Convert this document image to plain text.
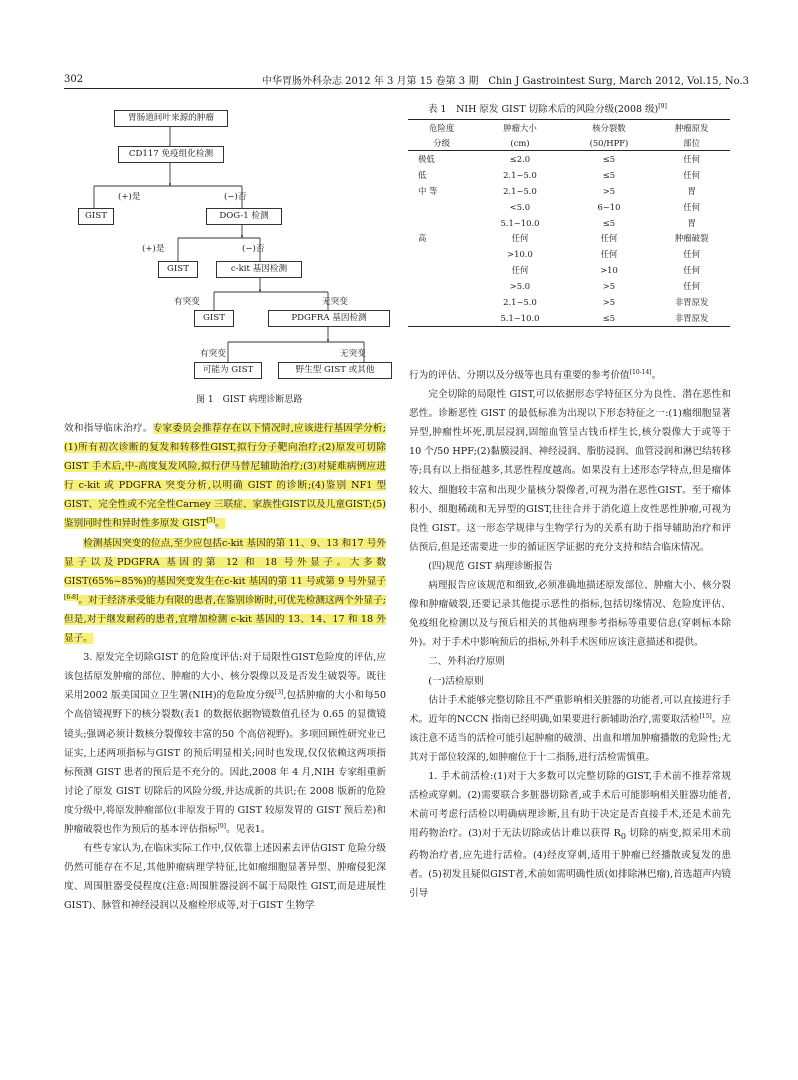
302	中华胃肠外科杂志 2012 年 3 月第 15 卷第 3 期　Chin J Gastrointest Surg, March 2012, Vol.15, No.3
胃肠道间叶来源的肿瘤
CD117 免疫组化检测
(+)是	(−)否
GIST	DOG-1 检测
(+)是	(−)否
GIST	c-kit 基因检测
有突变	无突变
GIST	PDGFRA 基因检测
有突变	无突变
可能为 GIST	野生型 GIST 或其他
图 1　GIST 病理诊断思路
表 1　NIH 原发 GIST 切除术后的风险分级(2008 级)[9]
危险度	肿瘤大小	核分裂数	肿瘤原发
分级	(cm)	(50/HPF)	部位
极低	≤2.0	≤5	任何
低	2.1~5.0	≤5	任何
中 等	2.1~5.0	>5	胃
	<5.0	6~10	任何
	5.1~10.0	≤5	胃
高	任何	任何	肿瘤破裂
	>10.0	任何	任何
	任何	>10	任何
	>5.0	>5	任何
	2.1~5.0	>5	非胃原发
	5.1~10.0	≤5	非胃原发

效和指导临床治疗。专家委员会推荐存在以下情况时,应该进行基因学分析;(1)所有初次诊断的复发和转移性GIST,拟行分子靶向治疗;(2)原发可切除 GIST 手术后,中-高度复发风险,拟行伊马替尼辅助治疗;(3)对疑难病例应进行 c-kit 或 PDGFRA 突变分析,以明确 GIST 的诊断;(4)鉴别 NF1 型 GIST、完全性或不完全性Carney 三联症、家族性GIST以及儿童GIST;(5)鉴别同时性和异时性多原发 GIST[5]。

检测基因突变的位点,至少应包括c-kit 基因的第 11、9、13 和17 号外显子以及PDGFRA 基因的第 12 和 18 号外显子。大多数GIST(65%~85%)的基因突变发生在c-kit 基因的第 11 号或第 9 号外显子[6-8]。对于经济承受能力有限的患者,在鉴别诊断时,可优先检测这两个外显子;但是,对于继发耐药的患者,宜增加检测 c-kit 基因的 13、14、17 和 18 外显子。

3. 原发完全切除GIST 的危险度评估:对于局限性GIST危险度的评估,应该包括原发肿瘤的部位、肿瘤的大小、核分裂像以及是否发生破裂等。既往采用2002 版美国国立卫生署(NIH)的危险度分级[3],包括肿瘤的大小和每50 个高倍镜视野下的核分裂数(表1 的数据依据物镜数值孔径为 0.65 的显微镜镜头;强调必须计数核分裂像较丰富的50 个高倍视野)。多项回顾性研究业已证实,上述两项指标与GIST 的预后明显相关;同时也发现,仅仅依赖这两项指标预测 GIST 患者的预后是不充分的。因此,2008 年 4 月,NIH 专家组重新讨论了原发 GIST 切除后的风险分级,并达成新的共识;在 2008 版新的危险度分级中,将原发肿瘤部位(非原发于胃的 GIST 较原发胃的 GIST 预后差)和肿瘤破裂也作为预后的基本评估指标[9]。见表1。

有些专家认为,在临床实际工作中,仅依靠上述因素去评估GIST 危险分级仍然可能存在不足,其他肿瘤病理学特征,比如瘤细胞显著异型、肿瘤侵犯深度、周围脏器受侵程度(注意:周围脏器浸润不属于局限性 GIST,而是进展性GIST)、脉管和神经浸润以及瘤栓形成等,对于GIST 生物学

行为的评估、分期以及分级等也具有重要的参考价值[10-14]。

完全切除的局限性 GIST,可以依据形态学特征区分为良性、潜在恶性和恶性。诊断恶性 GIST 的最低标准为出现以下形态特征之一:(1)瘤细胞显著异型,肿瘤性坏死,肌层浸润,固缩血管呈古钱币样生长,核分裂像大于或等于 10 个/50 HPF;(2)黏膜浸润、神经浸润、脂肪浸润、血管浸润和淋巴结转移等;具有以上指征越多,其恶性程度越高。如果没有上述形态学特点,但是瘤体较大、细胞较丰富和出现少量核分裂像者,可视为潜在恶性GIST。至于瘤体积小、细胞稀疏和无异型的GIST,往往合并于消化道上皮性恶性肿瘤,可视为良性 GIST。这一形态学规律与生物学行为的关系有助于指导辅助治疗和评估预后,但是还需要进一步的循证医学证据的充分支持和结合临床情况。

(四)规范 GIST 病理诊断报告

病理报告应该规范和细致,必须准确地描述原发部位、肿瘤大小、核分裂像和肿瘤破裂,还要记录其他提示恶性的指标,包括切缘情况、危险度评估、免疫组化检测以及与预后相关的其他病理参考指标等重要信息(穿刺标本除外)。对于手术中影响预后的指标,外科手术医师应该注意描述和提供。

二、外科治疗原则

(一)活检原则

估计手术能够完整切除且不严重影响相关脏器的功能者,可以直接进行手术。近年的NCCN 指南已经明确,如果要进行新辅助治疗,需要取活检[15]。应该注意不适当的活检可能引起肿瘤的破溃、出血和增加肿瘤播散的危险性;尤其对于部位较深的,如肿瘤位于十二指肠,进行活检需慎重。

1. 手术前活检:(1)对于大多数可以完整切除的GIST,手术前不推荐常规活检或穿刺。(2)需要联合多脏器切除者,或手术后可能影响相关脏器功能者,术前可考虑行活检以明确病理诊断,且有助于决定是否直接手术,还是术前先用药物治疗。(3)对于无法切除或估计难以获得 $R_0$ 切除的病变,拟采用术前药物治疗者,应先进行活检。(4)经皮穿刺,适用于肿瘤已经播散或复发的患者。(5)初发且疑似GIST者,术前如需明确性质(如排除淋巴瘤),首选超声内镜引导
